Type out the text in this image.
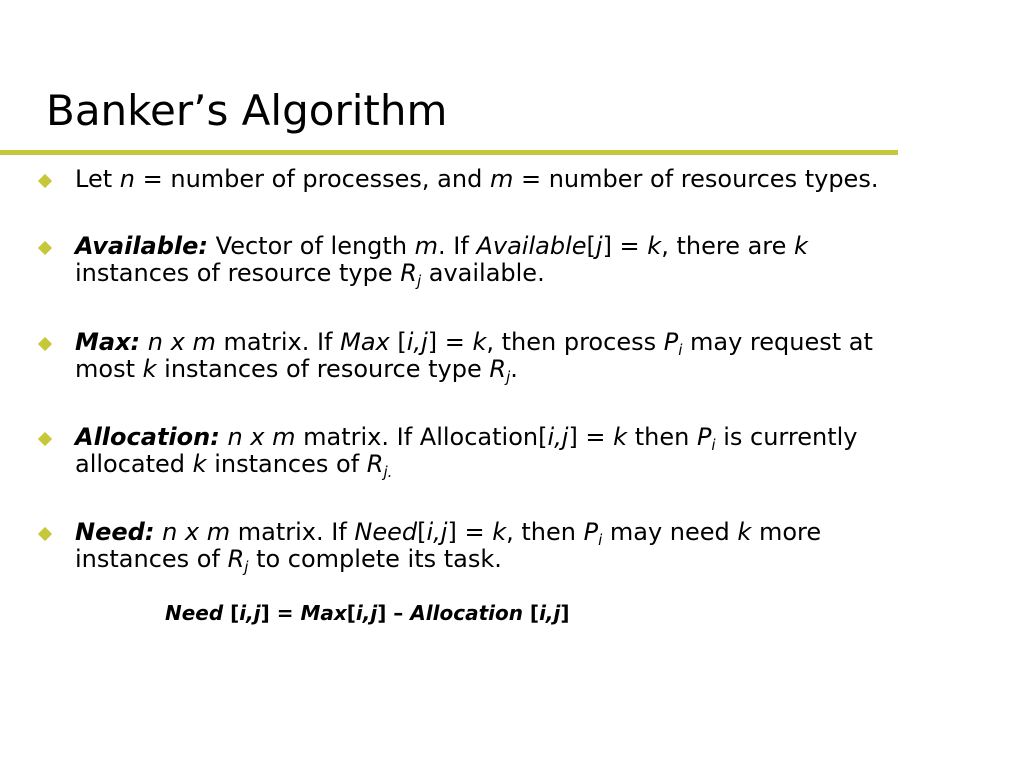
Banker’s Algorithm
Let n = number of processes, and m = number of resources types.
Available: Vector of length m. If Available[j] = k, there are k
instances of resource type $R_j$ available.
Max: n x m matrix. If Max [i,j] = k, then process $P_i$ may request at
most k instances of resource type $R_j$.
Allocation: n x m matrix. If Allocation[i,j] = k then $P_i$ is currently
allocated k instances of $R_{j.}$
Need: n x m matrix. If Need[i,j] = k, then $P_i$ may need k more
instances of $R_j$ to complete its task.
Need [i,j] = Max[i,j] – Allocation [i,j]
